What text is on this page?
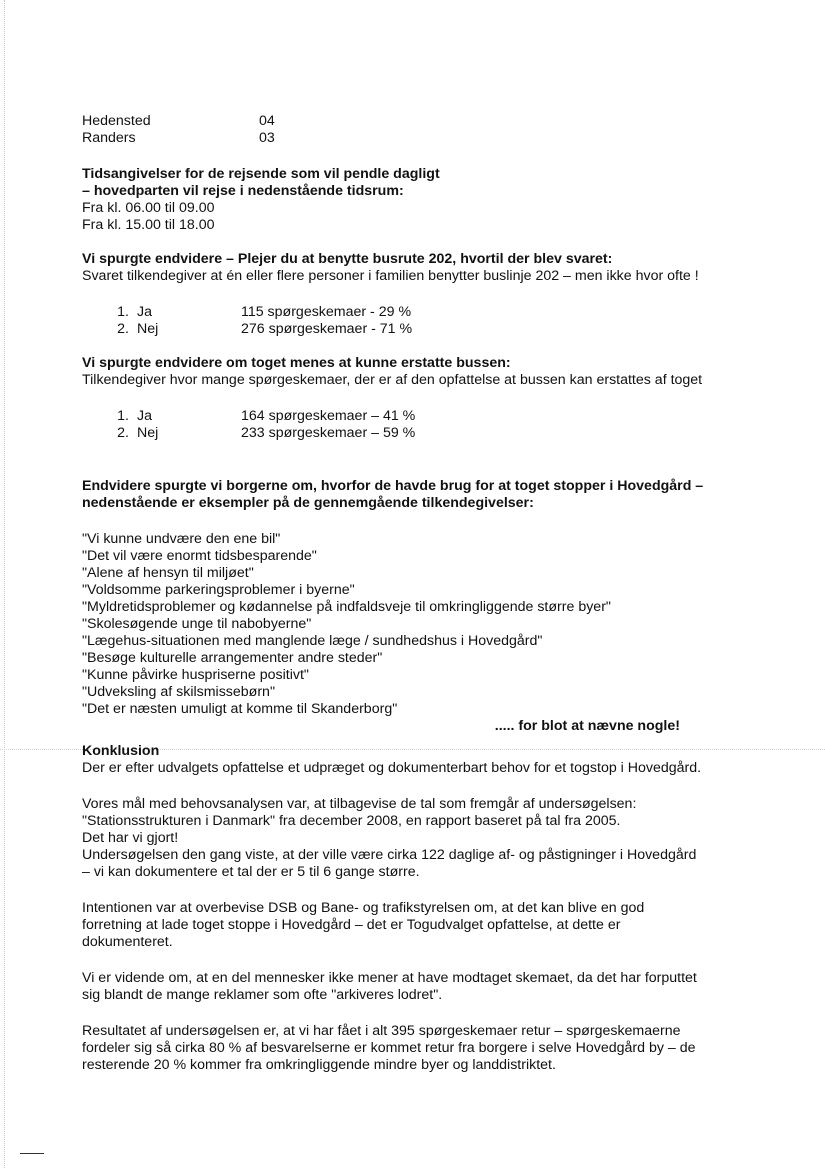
Hedensted	04
Randers	03

Tidsangivelser for de rejsende som vil pendle dagligt

– hovedparten vil rejse i nedenstående tidsrum:

Fra kl. 06.00 til 09.00

Fra kl. 15.00 til 18.00

Vi spurgte endvidere – Plejer du at benytte busrute 202, hvortil der blev svaret:

Svaret tilkendegiver at én eller flere personer i familien benytter buslinje 202 – men ikke hvor ofte !

1. Ja	115 spørgeskemaer - 29 %
2. Nej	276 spørgeskemaer - 71 %

Vi spurgte endvidere om toget menes at kunne erstatte bussen:

Tilkendegiver hvor mange spørgeskemaer, der er af den opfattelse at bussen kan erstattes af toget

1. Ja	164 spørgeskemaer – 41 %
2. Nej	233 spørgeskemaer – 59 %

Endvidere spurgte vi borgerne om, hvorfor de havde brug for at toget stopper i Hovedgård –

nedenstående er eksempler på de gennemgående tilkendegivelser:

"Vi kunne undvære den ene bil"

"Det vil være enormt tidsbesparende"

"Alene af hensyn til miljøet"

"Voldsomme parkeringsproblemer i byerne"

"Myldretidsproblemer og kødannelse på indfaldsveje til omkringliggende større byer"

"Skolesøgende unge til nabobyerne"

"Lægehus-situationen med manglende læge / sundhedshus i Hovedgård"

"Besøge kulturelle arrangementer andre steder"

"Kunne påvirke huspriserne positivt"

"Udveksling af skilsmissebørn"

"Det er næsten umuligt at komme til Skanderborg"

..... for blot at nævne nogle!

Konklusion

Der er efter udvalgets opfattelse et udpræget og dokumenterbart behov for et togstop i Hovedgård.

Vores mål med behovsanalysen var, at tilbagevise de tal som fremgår af undersøgelsen:

"Stationsstrukturen i Danmark" fra december 2008, en rapport baseret på tal fra 2005.

Det har vi gjort!

Undersøgelsen den gang viste, at der ville være cirka 122 daglige af- og påstigninger i Hovedgård

– vi kan dokumentere et tal der er 5 til 6 gange større.

Intentionen var at overbevise DSB og Bane- og trafikstyrelsen om, at det kan blive en god

forretning at lade toget stoppe i Hovedgård – det er Togudvalget opfattelse, at dette er

dokumenteret.

Vi er vidende om, at en del mennesker ikke mener at have modtaget skemaet, da det har forputtet

sig blandt de mange reklamer som ofte "arkiveres lodret".

Resultatet af undersøgelsen er, at vi har fået i alt 395 spørgeskemaer retur – spørgeskemaerne

fordeler sig så cirka 80 % af besvarelserne er kommet retur fra borgere i selve Hovedgård by – de

resterende 20 % kommer fra omkringliggende mindre byer og landdistriktet.
